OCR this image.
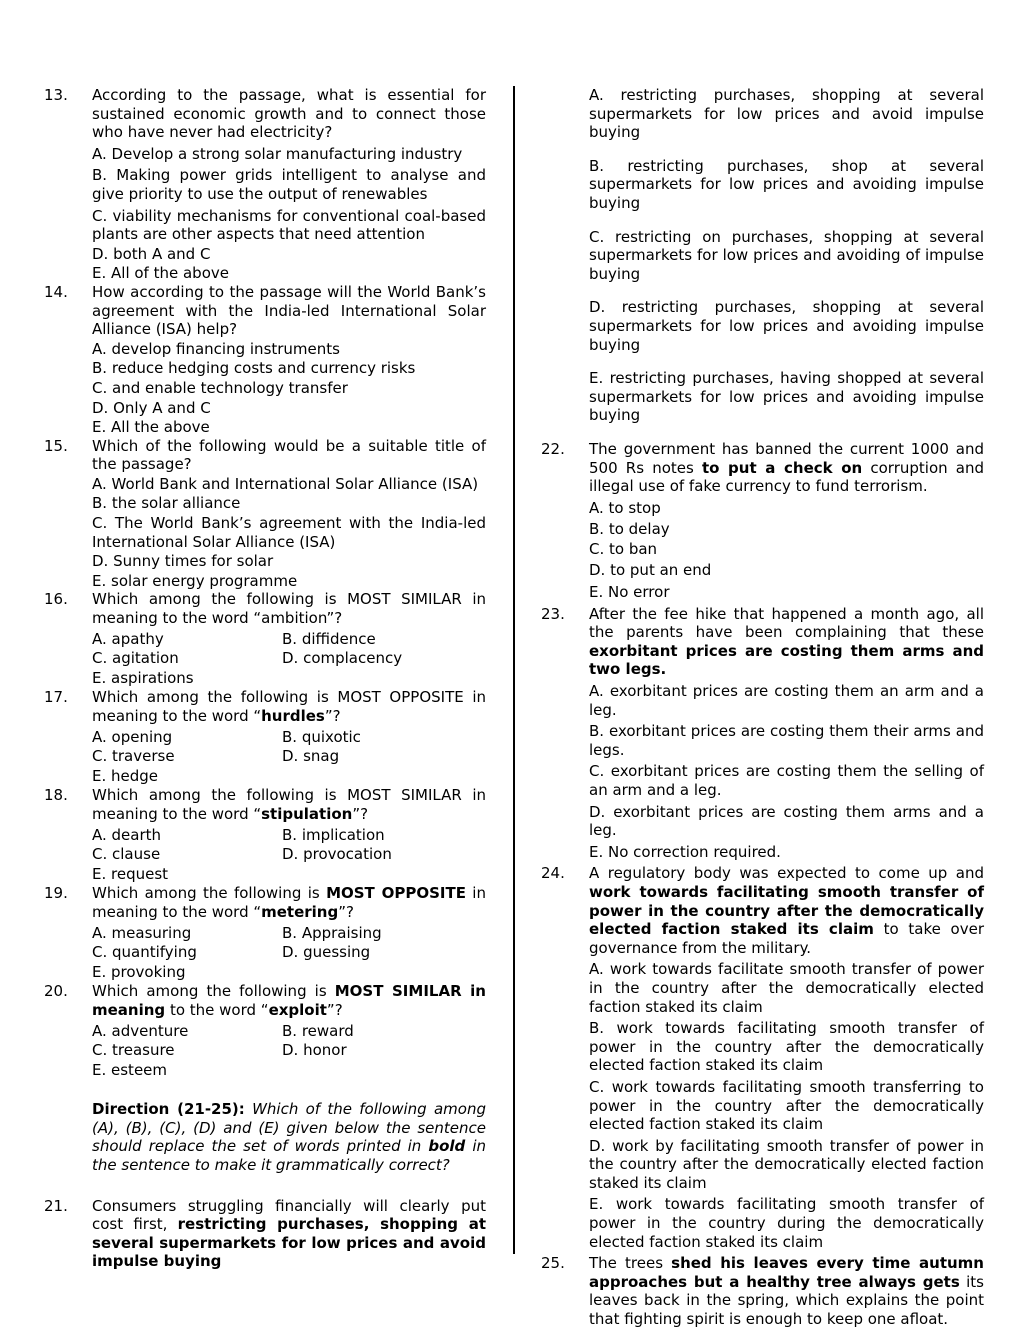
13.	According to the passage, what is essential for sustained economic growth and to connect those who have never had electricity?

A. Develop a strong solar manufacturing industry

B. Making power grids intelligent to analyse and give priority to use the output of renewables

C. viability mechanisms for conventional coal-based plants are other aspects that need attention

D. both A and C

E. All of the above

14.	How according to the passage will the World Bank’s agreement with the India-led International Solar Alliance (ISA) help?

A. develop financing instruments

B. reduce hedging costs and currency risks

C. and enable technology transfer

D. Only A and C

E. All the above

15.	Which of the following would be a suitable title of the passage?

A. World Bank and International Solar Alliance (ISA)

B. the solar alliance

C. The World Bank’s agreement with the India-led International Solar Alliance (ISA)

D. Sunny times for solar

E. solar energy programme

16.	Which among the following is MOST SIMILAR in meaning to the word “ambition”?

A. apathy	B. diffidence
C. agitation	D. complacency
E. aspirations
17.	Which among the following is MOST OPPOSITE in meaning to the word “hurdles”?

A. opening	B. quixotic
C. traverse	D. snag
E. hedge
18.	Which among the following is MOST SIMILAR in meaning to the word “stipulation”?

A. dearth	B. implication
C. clause	D. provocation
E. request
19.	Which among the following is MOST OPPOSITE in meaning to the word “metering”?

A. measuring	B. Appraising
C. quantifying	D. guessing
E. provoking
20.	Which among the following is MOST SIMILAR in meaning to the word “exploit”?

A. adventure	B. reward
C. treasure	D. honor
E. esteem

Direction (21-25): Which of the following among (A), (B), (C), (D) and (E) given below the sentence should replace the set of words printed in bold in the sentence to make it grammatically correct?

21.	Consumers struggling financially will clearly put cost first, restricting purchases, shopping at several supermarkets for low prices and avoid impulse buying

A. restricting purchases, shopping at several supermarkets for low prices and avoid impulse buying

B. restricting purchases, shop at several supermarkets for low prices and avoiding impulse buying

C. restricting on purchases, shopping at several supermarkets for low prices and avoiding of impulse buying

D. restricting purchases, shopping at several supermarkets for low prices and avoiding impulse buying

E. restricting purchases, having shopped at several supermarkets for low prices and avoiding impulse buying

22.	The government has banned the current 1000 and 500 Rs notes to put a check on corruption and illegal use of fake currency to fund terrorism.

A. to stop

B. to delay

C. to ban

D. to put an end

E. No error

23.	After the fee hike that happened a month ago, all the parents have been complaining that these exorbitant prices are costing them arms and two legs.

A. exorbitant prices are costing them an arm and a leg.

B. exorbitant prices are costing them their arms and legs.

C. exorbitant prices are costing them the selling of an arm and a leg.

D. exorbitant prices are costing them arms and a leg.

E. No correction required.

24.	A regulatory body was expected to come up and work towards facilitating smooth transfer of power in the country after the democratically elected faction staked its claim to take over governance from the military.

A. work towards facilitate smooth transfer of power in the country after the democratically elected faction staked its claim

B. work towards facilitating smooth transfer of power in the country after the democratically elected faction staked its claim

C. work towards facilitating smooth transferring to power in the country after the democratically elected faction staked its claim

D. work by facilitating smooth transfer of power in the country after the democratically elected faction staked its claim

E. work towards facilitating smooth transfer of power in the country during the democratically elected faction staked its claim

25.	The trees shed his leaves every time autumn approaches but a healthy tree always gets its leaves back in the spring, which explains the point that fighting spirit is enough to keep one afloat.
